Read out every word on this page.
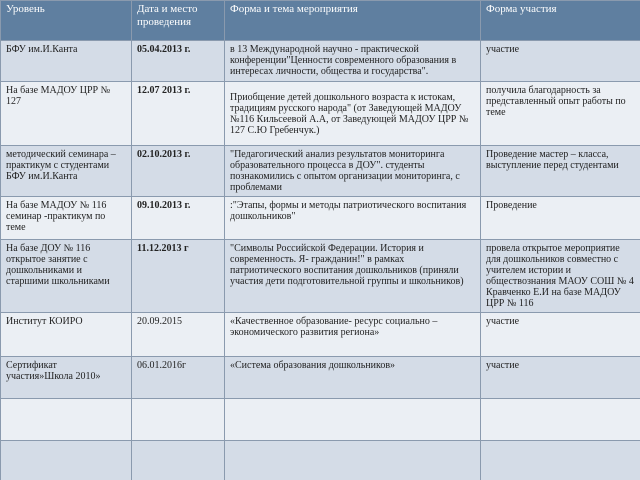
Уровень	Дата и место проведения	Форма и тема мероприятия	Форма участия
БФУ им.И.Канта	05.04.2013 г.	в 13 Международной научно - практической конференции"Ценности современного образования в интересах личности, общества и государства".	участие
На базе МАДОУ ЦРР № 127	12.07 2013 г.	Приобщение детей дошкольного возраста к истокам, традициям русского народа" (от Заведующей МАДОУ №116 Кильсеевой А.А, от Заведующей МАДОУ ЦРР № 127 С.Ю Гребенчук.)	получила благодарность за представленный опыт работы по теме
методический семинара – практикум с студентами БФУ им.И.Канта	02.10.2013 г.	"Педагогический анализ результатов мониторинга образовательного процесса в ДОУ". студенты познакомились с опытом организации мониторинга, с проблемами	Проведение мастер – класса, выступление перед студентами
На базе МАДОУ № 116 семинар -практикум по теме	09.10.2013 г.	:"Этапы, формы и методы патриотического воспитания дошкольников"	Проведение
На базе ДОУ № 116 открытое занятие с дошкольниками и старшими школьниками	11.12.2013 г	"Символы Российской Федерации. История и современность. Я- гражданин!" в рамках патриотического воспитания дошкольников (приняли участия дети подготовительной группы и школьников)	провела открытое мероприятие для дошкольников совместно с учителем истории и обществознания МАОУ СОШ № 4 Кравченко Е.И на базе МАДОУ ЦРР № 116
Институт КОИРО	20.09.2015	«Качественное образование- ресурс социально – экономического развития региона»	участие
Сертификат участия»Школа 2010»	06.01.2016г	«Система образования дошкольников»	участие
